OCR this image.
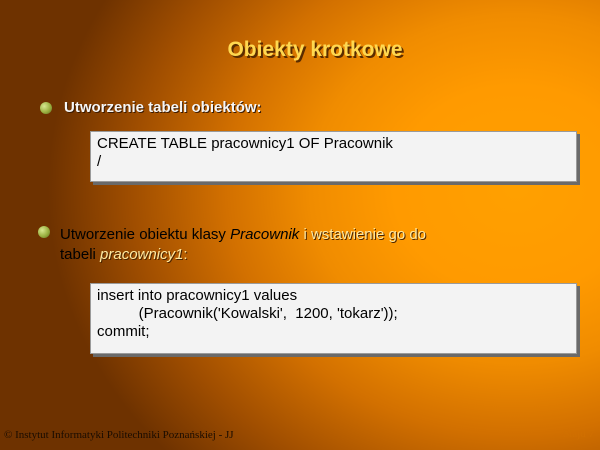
Obiekty krotkowe
Utworzenie tabeli obiektów:
CREATE TABLE pracownicy1 OF Pracownik
/
Utworzenie obiektu klasy Pracownik i wstawienie go do
tabeli pracownicy1:
insert into pracownicy1 values
(Pracownik('Kowalski',  1200, 'tokarz'));
commit;
© Instytut Informatyki Politechniki Poznańskiej - JJ	Slajd 7
